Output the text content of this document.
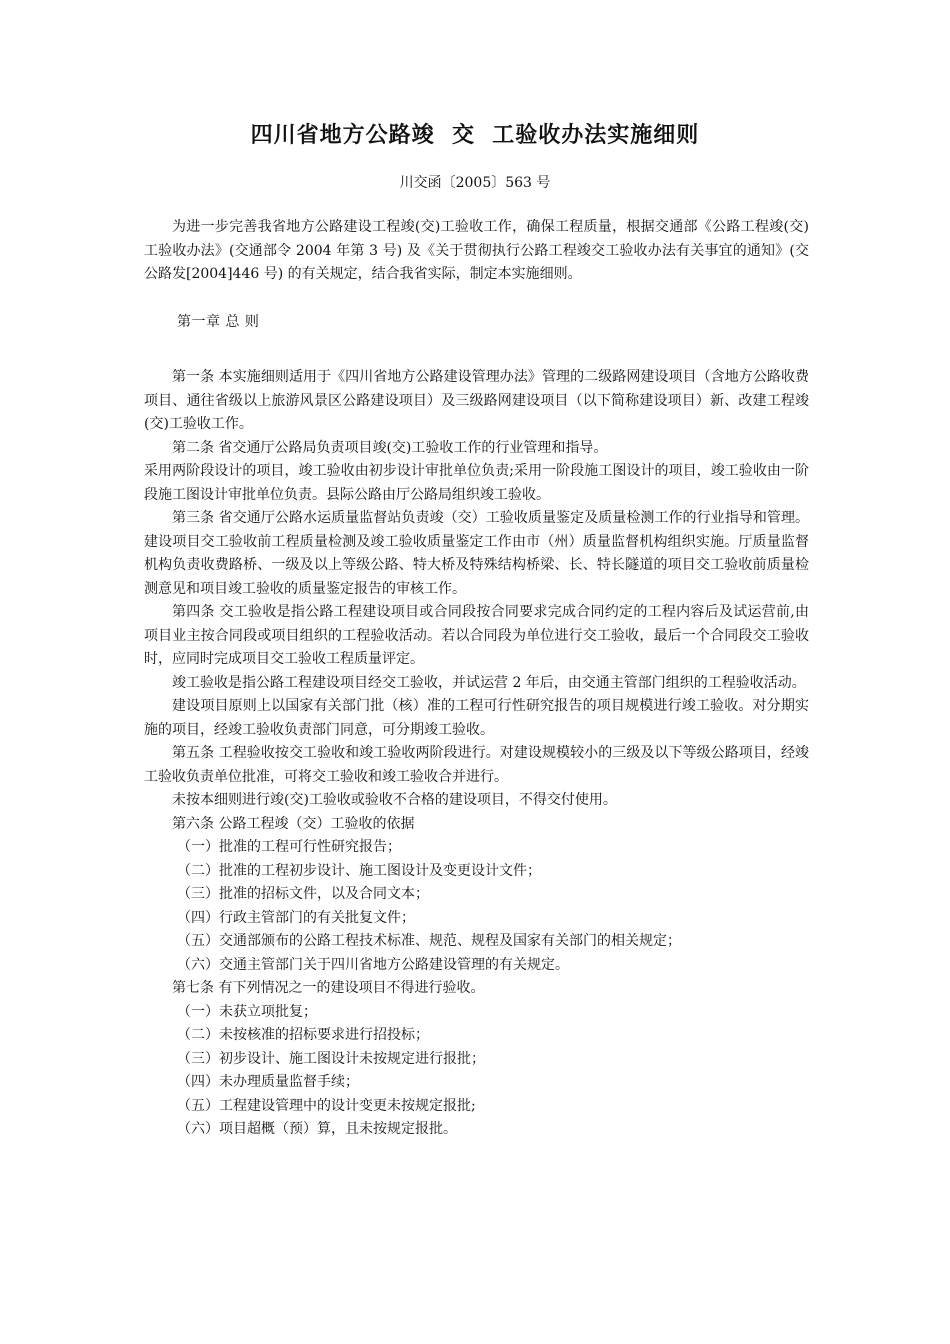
四川省地方公路竣  交  工验收办法实施细则
川交函〔2005〕563 号

为进一步完善我省地方公路建设工程竣(交)工验收工作，确保工程质量，根据交通部《公路工程竣(交)工验收办法》(交通部令 2004 年第 3 号) 及《关于贯彻执行公路工程竣交工验收办法有关事宜的通知》(交公路发[2004]446 号) 的有关规定，结合我省实际，制定本实施细则。

第一章 总 则

第一条 本实施细则适用于《四川省地方公路建设管理办法》管理的二级路网建设项目（含地方公路收费项目、通往省级以上旅游风景区公路建设项目）及三级路网建设项目（以下简称建设项目）新、改建工程竣(交)工验收工作。

第二条 省交通厅公路局负责项目竣(交)工验收工作的行业管理和指导。

采用两阶段设计的项目，竣工验收由初步设计审批单位负责;采用一阶段施工图设计的项目，竣工验收由一阶段施工图设计审批单位负责。县际公路由厅公路局组织竣工验收。

第三条 省交通厅公路水运质量监督站负责竣（交）工验收质量鉴定及质量检测工作的行业指导和管理。建设项目交工验收前工程质量检测及竣工验收质量鉴定工作由市（州）质量监督机构组织实施。厅质量监督机构负责收费路桥、一级及以上等级公路、特大桥及特殊结构桥梁、长、特长隧道的项目交工验收前质量检测意见和项目竣工验收的质量鉴定报告的审核工作。

第四条 交工验收是指公路工程建设项目或合同段按合同要求完成合同约定的工程内容后及试运营前,由项目业主按合同段或项目组织的工程验收活动。若以合同段为单位进行交工验收，最后一个合同段交工验收时，应同时完成项目交工验收工程质量评定。

竣工验收是指公路工程建设项目经交工验收，并试运营 2 年后，由交通主管部门组织的工程验收活动。

建设项目原则上以国家有关部门批（核）准的工程可行性研究报告的项目规模进行竣工验收。对分期实施的项目，经竣工验收负责部门同意，可分期竣工验收。

第五条 工程验收按交工验收和竣工验收两阶段进行。对建设规模较小的三级及以下等级公路项目，经竣工验收负责单位批准，可将交工验收和竣工验收合并进行。

未按本细则进行竣(交)工验收或验收不合格的建设项目，不得交付使用。

第六条 公路工程竣（交）工验收的依据

（一）批准的工程可行性研究报告；

（二）批准的工程初步设计、施工图设计及变更设计文件；

（三）批准的招标文件，以及合同文本；

（四）行政主管部门的有关批复文件；

（五）交通部颁布的公路工程技术标准、规范、规程及国家有关部门的相关规定；

（六）交通主管部门关于四川省地方公路建设管理的有关规定。

第七条 有下列情况之一的建设项目不得进行验收。

（一）未获立项批复；

（二）未按核准的招标要求进行招投标；

（三）初步设计、施工图设计未按规定进行报批；

（四）未办理质量监督手续；

（五）工程建设管理中的设计变更未按规定报批;

（六）项目超概（预）算，且未按规定报批。
